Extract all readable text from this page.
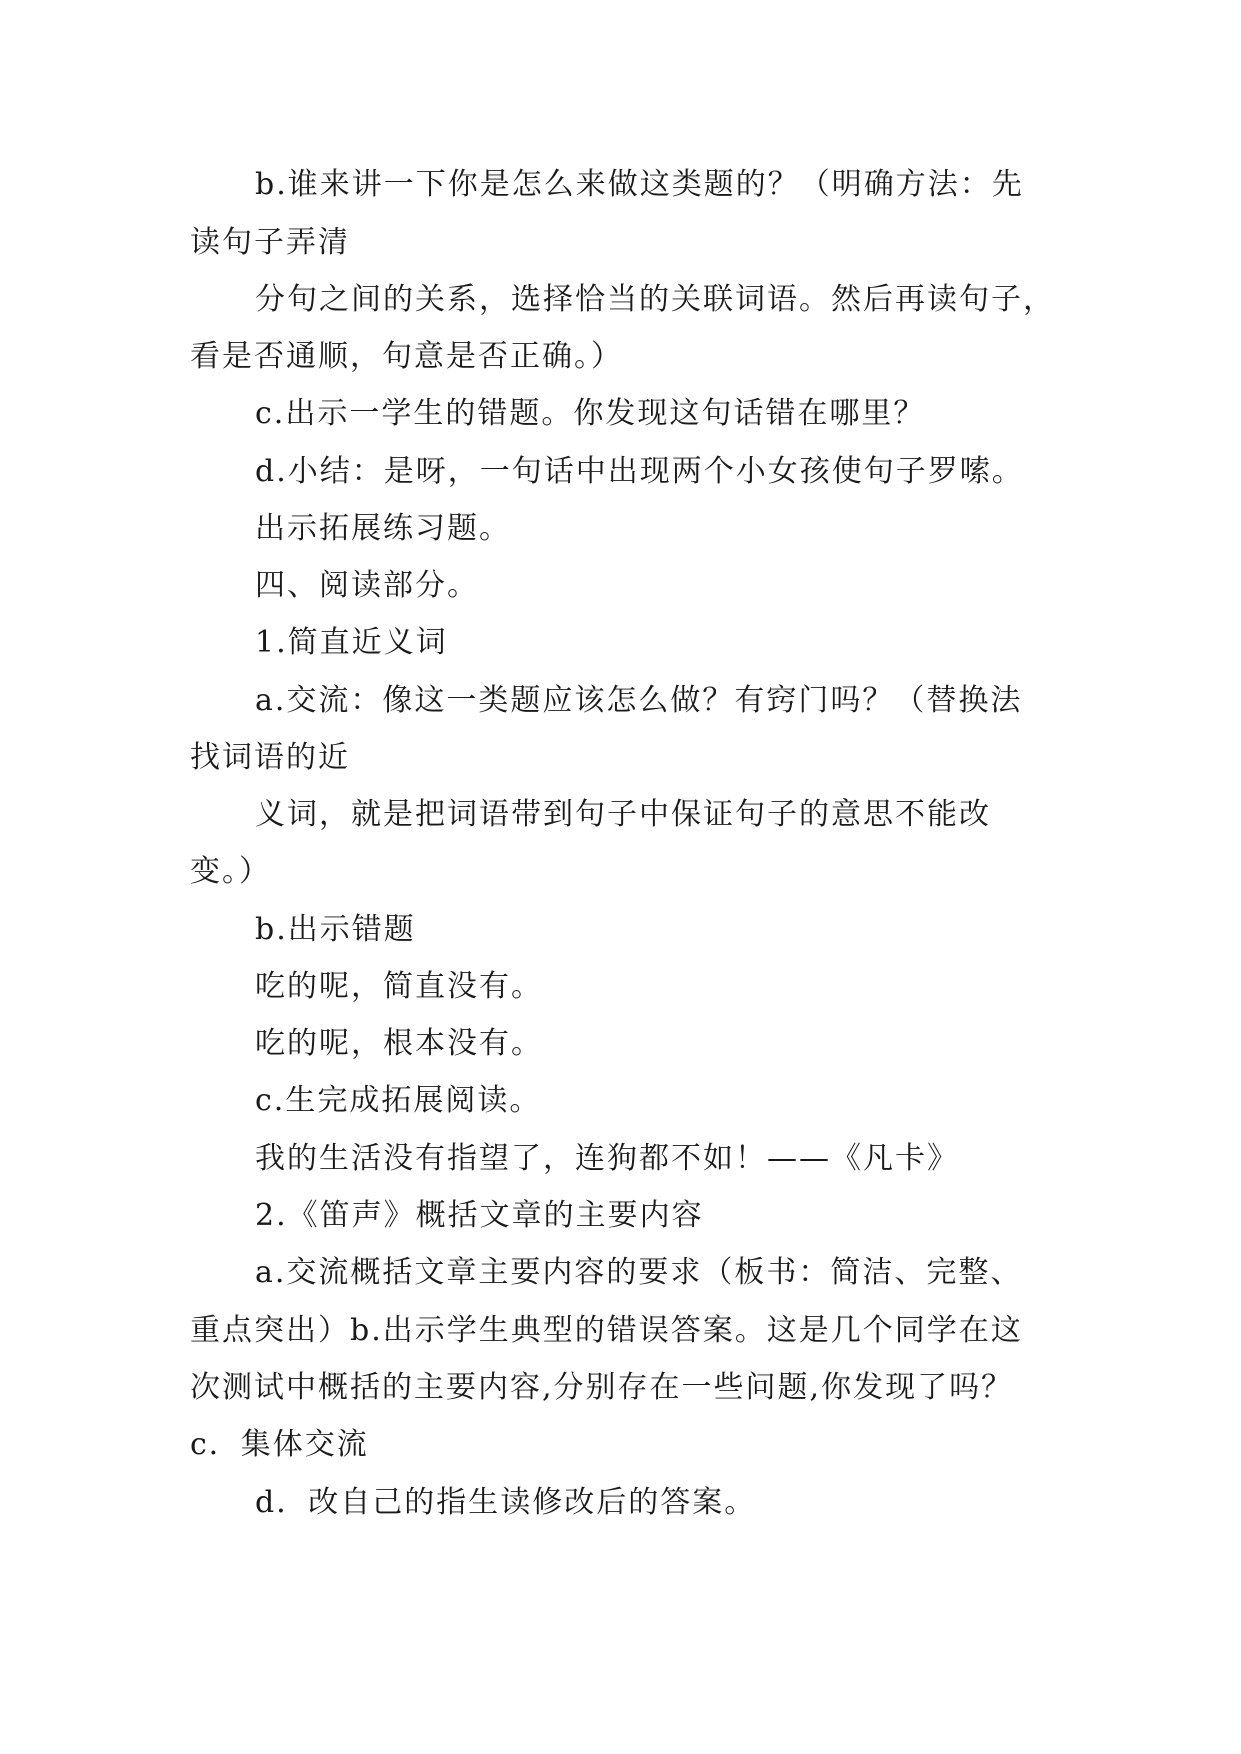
b.谁来讲一下你是怎么来做这类题的？（明确方法：先
读句子弄清
分句之间的关系，选择恰当的关联词语。然后再读句子，
看是否通顺，句意是否正确。）
c.出示一学生的错题。你发现这句话错在哪里？
d.小结：是呀，一句话中出现两个小女孩使句子罗嗦。
出示拓展练习题。
四、阅读部分。
1.简直近义词
a.交流：像这一类题应该怎么做？有窍门吗？（替换法
找词语的近
义词，就是把词语带到句子中保证句子的意思不能改
变。）
b.出示错题
吃的呢，简直没有。
吃的呢，根本没有。
c.生完成拓展阅读。
我的生活没有指望了，连狗都不如！——《凡卡》
2.《笛声》概括文章的主要内容
a.交流概括文章主要内容的要求（板书：简洁、完整、
重点突出）b.出示学生典型的错误答案。这是几个同学在这
次测试中概括的主要内容,分别存在一些问题,你发现了吗？
c．集体交流
d．改自己的指生读修改后的答案。
